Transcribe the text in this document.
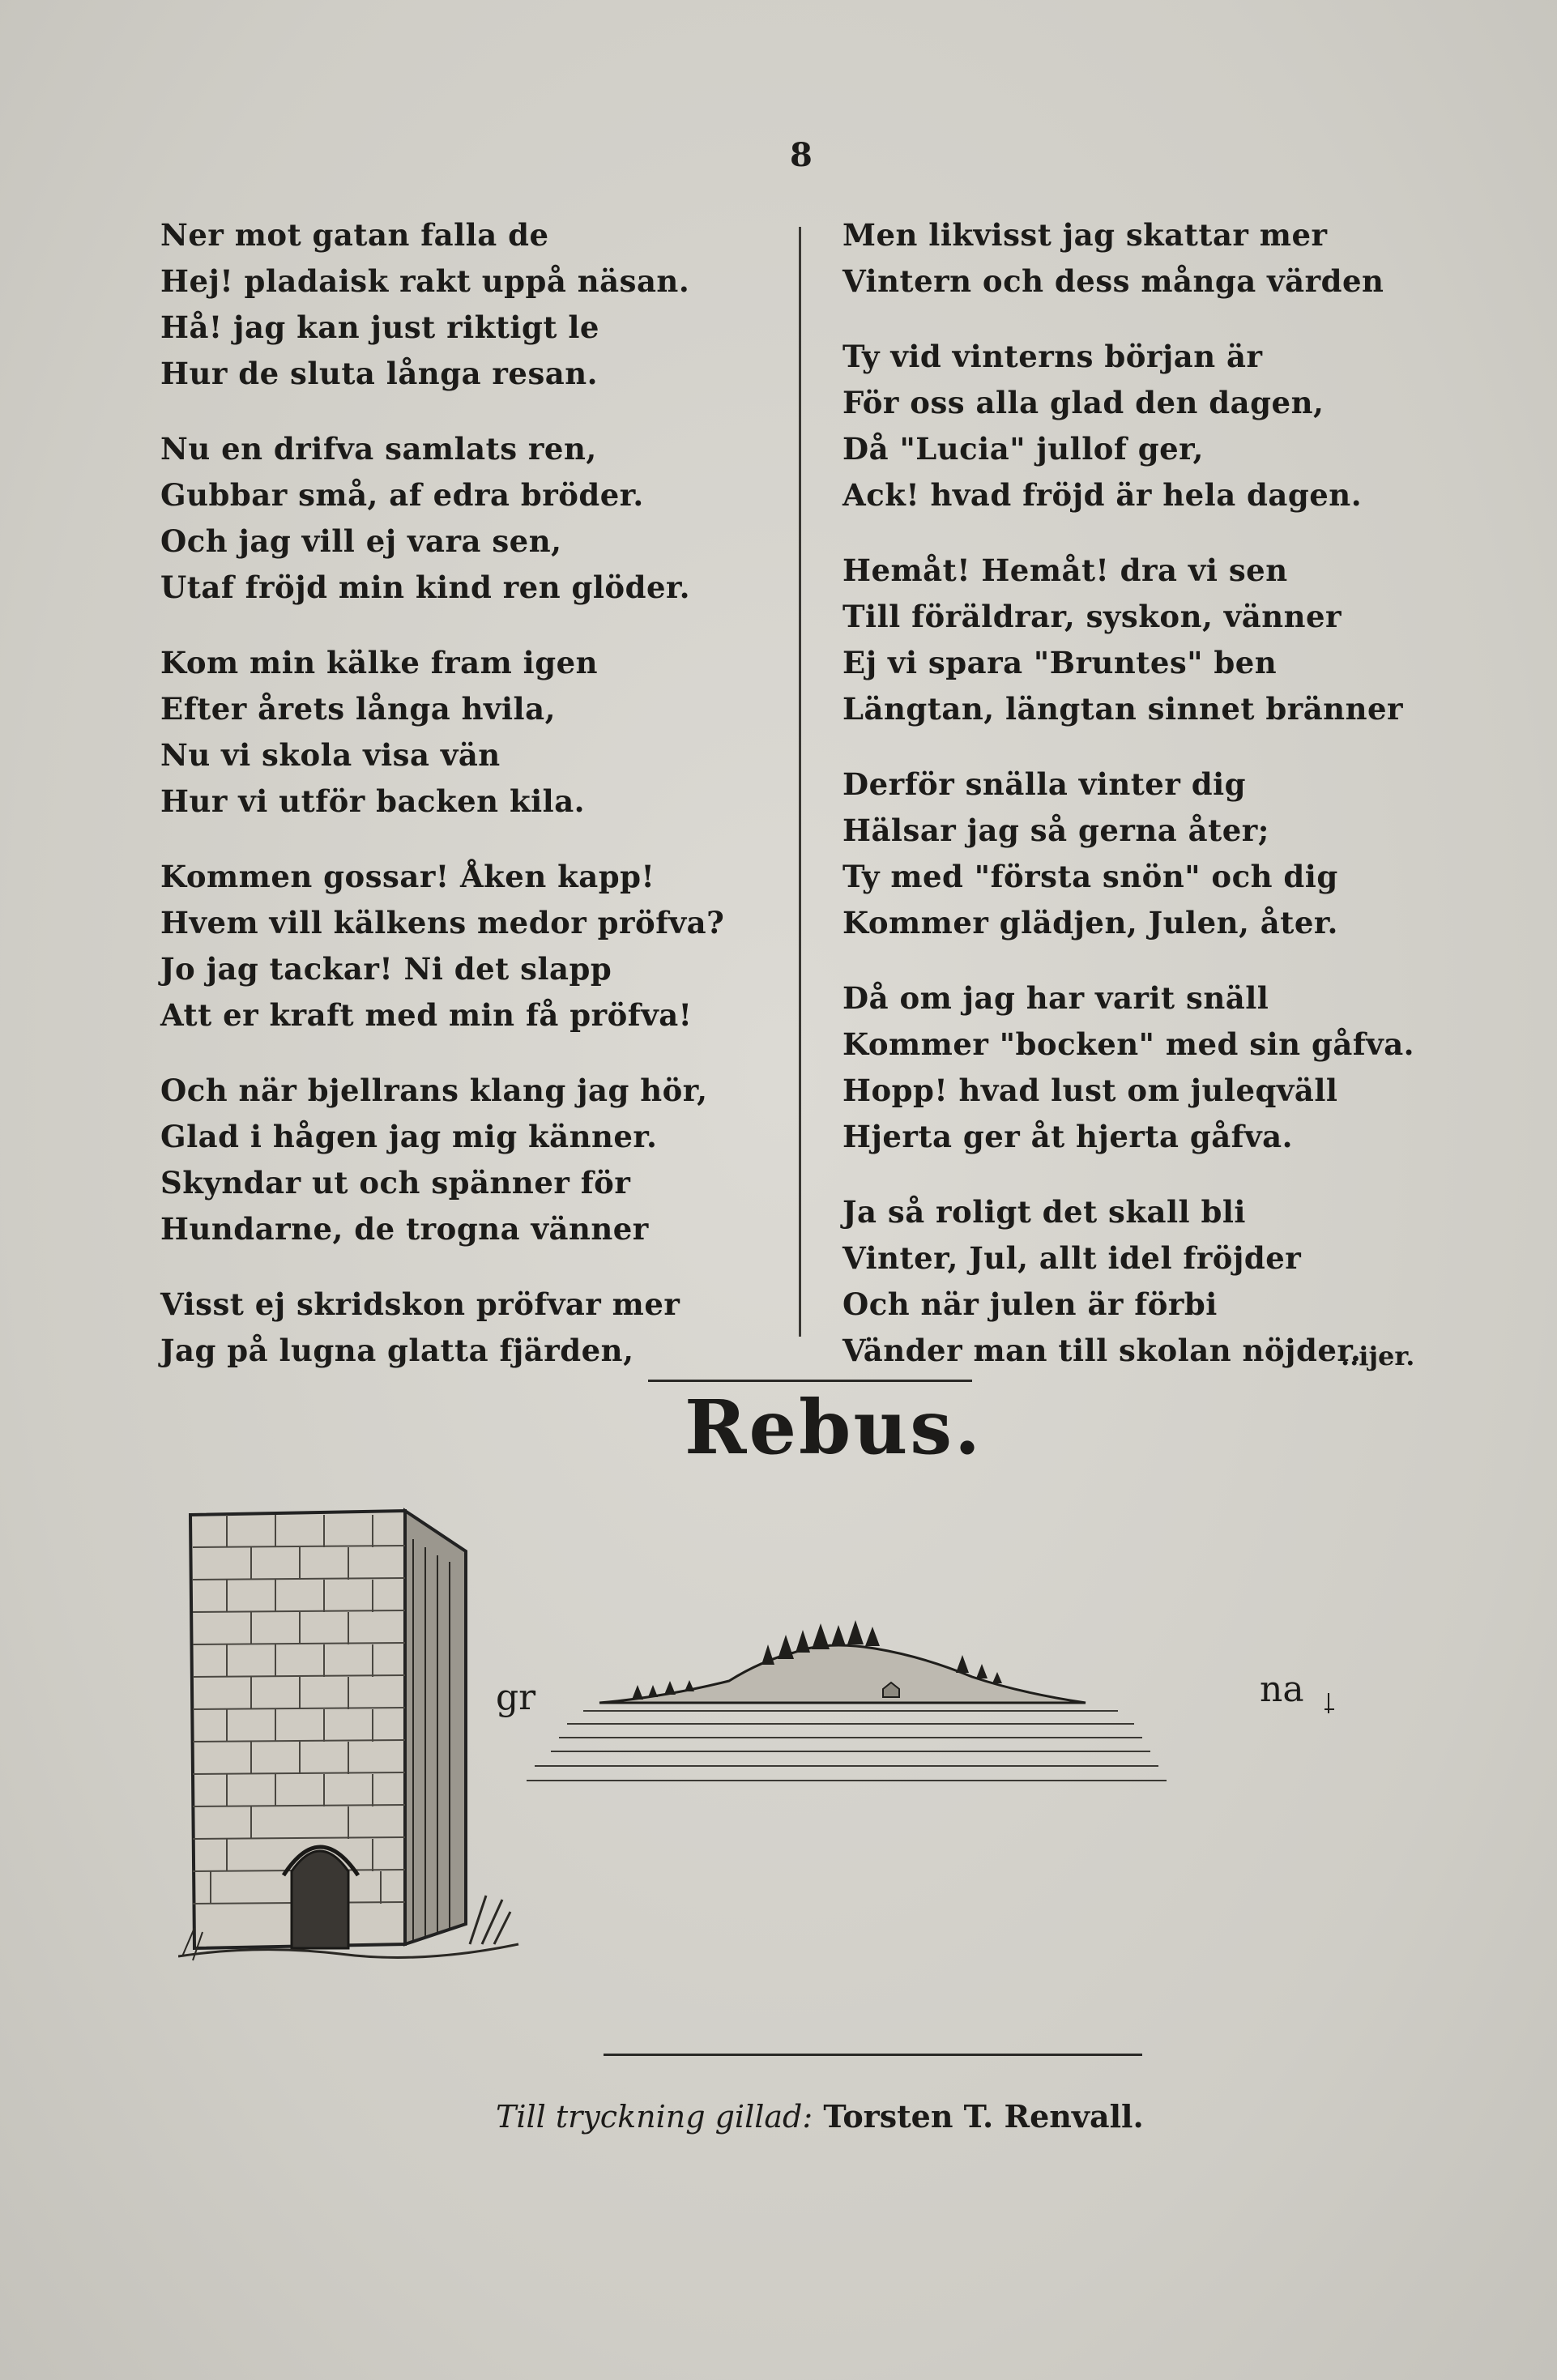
8
Ner mot gatan falla de
Hej! pladaisk rakt uppå näsan.
Hå! jag kan just riktigt le
Hur de sluta långa resan.
Nu en drifva samlats ren,
Gubbar små, af edra bröder.
Och jag vill ej vara sen,
Utaf fröjd min kind ren glöder.
Kom min kälke fram igen
Efter årets långa hvila,
Nu vi skola visa vän
Hur vi utför backen kila.
Kommen gossar! Åken kapp!
Hvem vill kälkens medor pröfva?
Jo jag tackar! Ni det slapp
Att er kraft med min få pröfva!
Och när bjellrans klang jag hör,
Glad i hågen jag mig känner.
Skyndar ut och spänner för
Hundarne, de trogna vänner
Visst ej skridskon pröfvar mer
Jag på lugna glatta fjärden,
Men likvisst jag skattar mer
Vintern och dess många värden
Ty vid vinterns början är
För oss alla glad den dagen,
Då "Lucia" jullof ger,
Ack! hvad fröjd är hela dagen.
Hemåt! Hemåt! dra vi sen
Till föräldrar, syskon, vänner
Ej vi spara "Bruntes" ben
Längtan, längtan sinnet bränner
Derför snälla vinter dig
Hälsar jag så gerna åter;
Ty med "första snön" och dig
Kommer glädjen, Julen, åter.
Då om jag har varit snäll
Kommer "bocken" med sin gåfva.
Hopp! hvad lust om juleqväll
Hjerta ger åt hjerta gåfva.
Ja så roligt det skall bli
Vinter, Jul, allt idel fröjder
Och när julen är förbi
Vänder man till skolan nöjder.
..ijer.
Rebus.
gr	na
Till tryckning gillad: Torsten T. Renvall.
